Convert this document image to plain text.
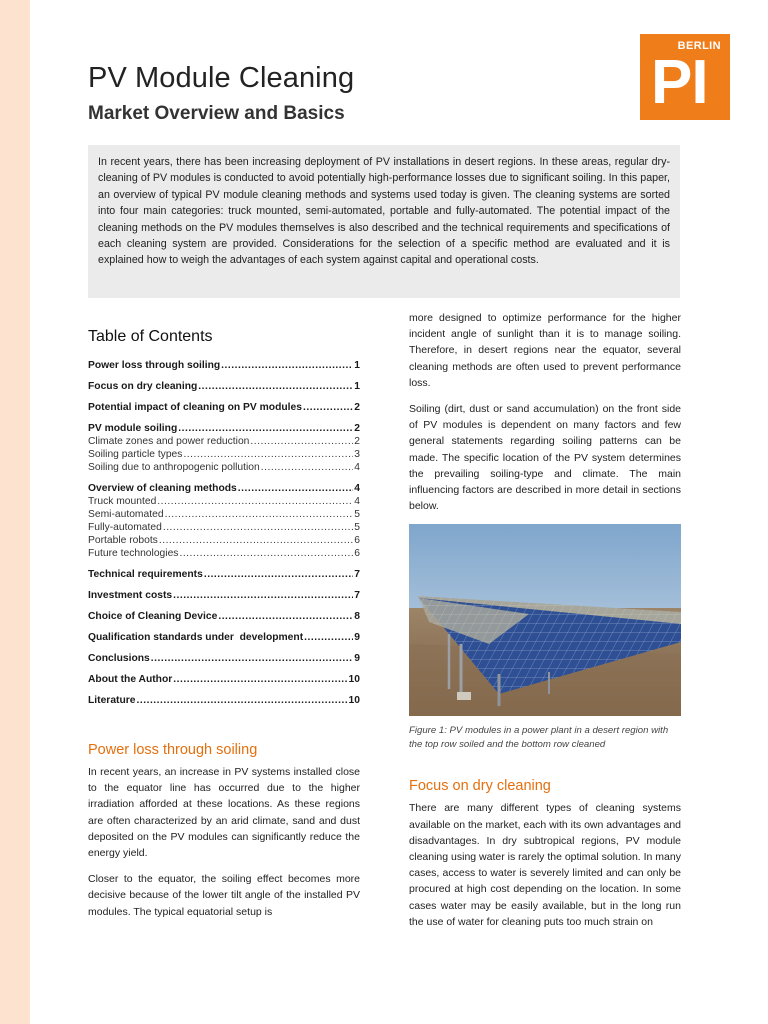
PV Module Cleaning
Market Overview and Basics
BERLIN
PI

In recent years, there has been increasing deployment of PV installations in desert regions. In these areas, regular dry-cleaning of PV modules is conducted to avoid potentially high-performance losses due to significant soiling. In this paper, an overview of typical PV module cleaning methods and systems used today is given. The cleaning systems are sorted into four main categories: truck mounted, semi-automated, portable and fully-automated. The potential impact of the cleaning methods on the PV modules themselves is also described and the technical requirements and specifications of each cleaning system are provided. Considerations for the selection of a specific method are evaluated and it is explained how to weigh the advantages of each system against capital and operational costs.

Table of Contents
Power loss through soiling .....	1
Focus on dry cleaning .....	1
Potential impact of cleaning on PV modules .....	2
PV module soiling .....	2
Climate zones and power reduction .....	2
Soiling particle types .....	3
Soiling due to anthropogenic pollution .....	4
Overview of cleaning methods .....	4
Truck mounted .....	4
Semi-automated .....	5
Fully-automated .....	5
Portable robots .....	6
Future technologies .....	6
Technical requirements .....	7
Investment costs .....	7
Choice of Cleaning Device .....	8
Qualification standards under  development .....	9
Conclusions .....	9
About the Author .....	10
Literature .....	10
Power loss through soiling

In recent years, an increase in PV systems installed close to the equator line has occurred due to the higher irradiation afforded at these locations. As these regions are often characterized by an arid climate, sand and dust deposited on the PV modules can significantly reduce the energy yield.

Closer to the equator, the soiling effect becomes more decisive because of the lower tilt angle of the installed PV modules. The typical equatorial setup is

more designed to optimize performance for the higher incident angle of sunlight than it is to manage soiling. Therefore, in desert regions near the equator, several cleaning methods are often used to prevent performance loss.

Soiling (dirt, dust or sand accumulation) on the front side of PV modules is dependent on many factors and few general statements regarding soiling patterns can be made. The specific location of the PV system determines the prevailing soiling-type and climate. The main influencing factors are described in more detail in sections below.

Figure 1: PV modules in a power plant in a desert region with the top row soiled and the bottom row cleaned

Focus on dry cleaning

There are many different types of cleaning systems available on the market, each with its own advantages and disadvantages. In dry subtropical regions, PV module cleaning using water is rarely the optimal solution. In many cases, access to water is severely limited and can only be procured at high cost depending on the location. In some cases water may be easily available, but in the long run the use of water for cleaning puts too much strain on
